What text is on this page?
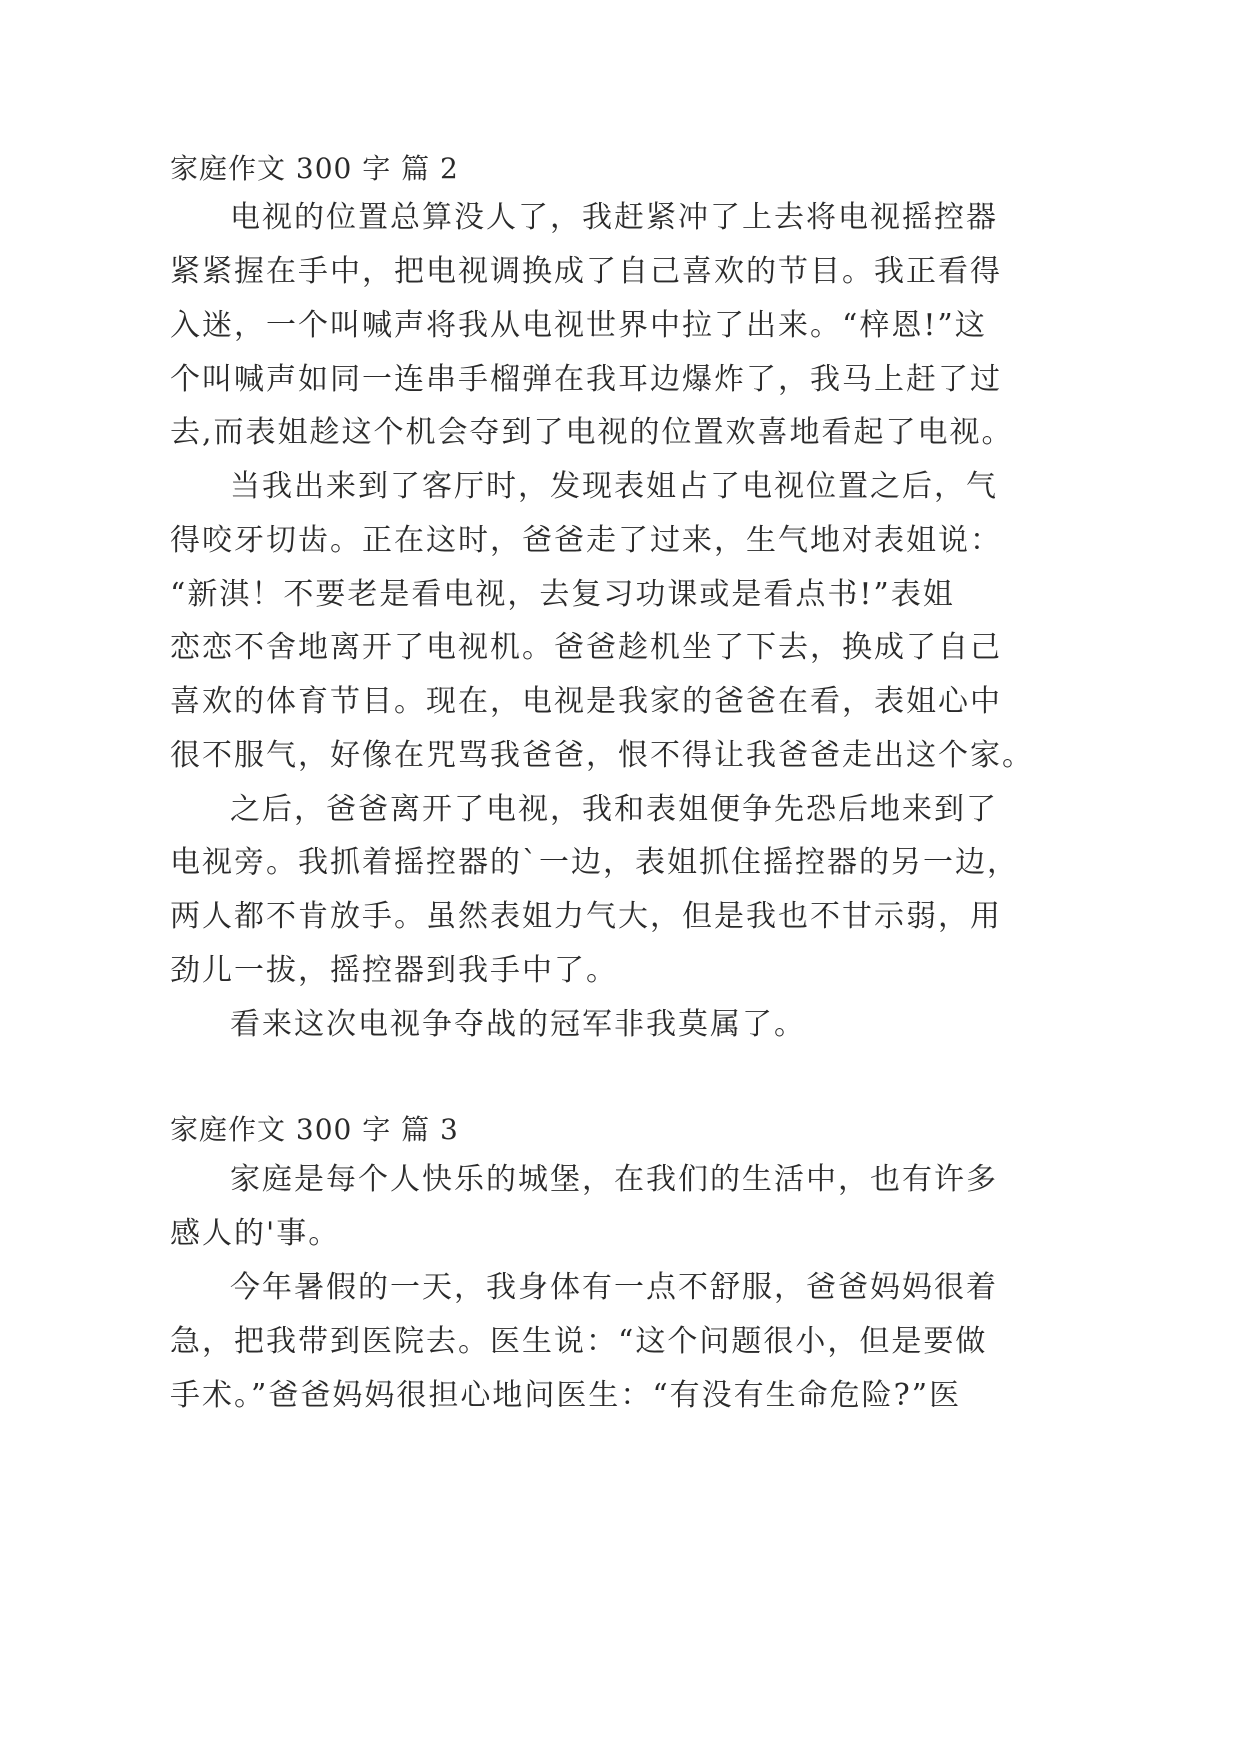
家庭作文 300 字 篇 2
电视的位置总算没人了，我赶紧冲了上去将电视摇控器
紧紧握在手中，把电视调换成了自己喜欢的节目。我正看得
入迷，一个叫喊声将我从电视世界中拉了出来。“梓恩!”这
个叫喊声如同一连串手榴弹在我耳边爆炸了，我马上赶了过
去,而表姐趁这个机会夺到了电视的位置欢喜地看起了电视。
当我出来到了客厅时，发现表姐占了电视位置之后，气
得咬牙切齿。正在这时，爸爸走了过来，生气地对表姐说：
“新淇！不要老是看电视，去复习功课或是看点书!”表姐
恋恋不舍地离开了电视机。爸爸趁机坐了下去，换成了自己
喜欢的体育节目。现在，电视是我家的爸爸在看，表姐心中
很不服气，好像在咒骂我爸爸，恨不得让我爸爸走出这个家。
之后，爸爸离开了电视，我和表姐便争先恐后地来到了
电视旁。我抓着摇控器的`一边，表姐抓住摇控器的另一边，
两人都不肯放手。虽然表姐力气大，但是我也不甘示弱，用
劲儿一拔，摇控器到我手中了。
看来这次电视争夺战的冠军非我莫属了。
家庭作文 300 字 篇 3
家庭是每个人快乐的城堡，在我们的生活中，也有许多
感人的'事。
今年暑假的一天，我身体有一点不舒服，爸爸妈妈很着
急，把我带到医院去。医生说：“这个问题很小，但是要做
手术。”爸爸妈妈很担心地问医生：“有没有生命危险?”医
